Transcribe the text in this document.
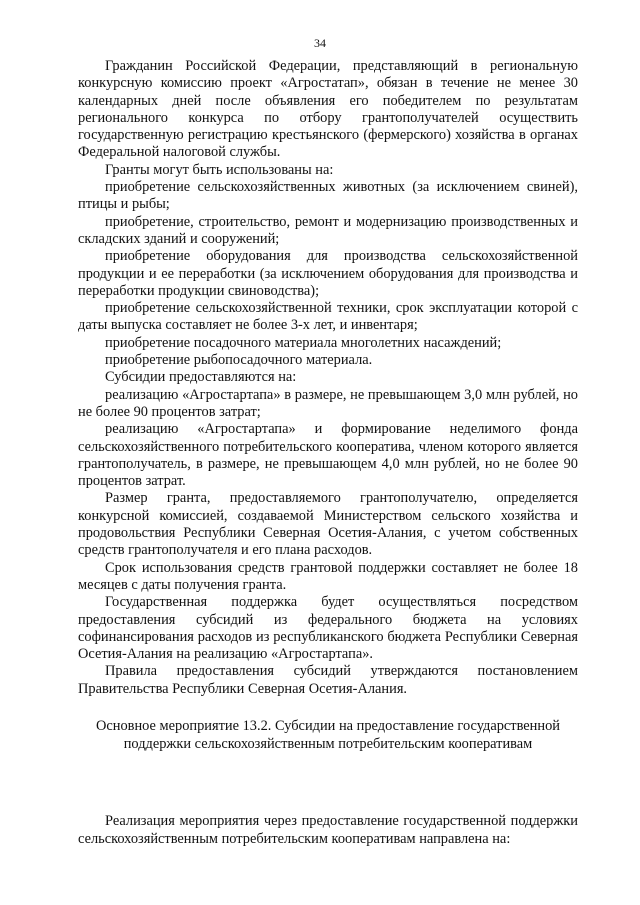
34

Гражданин Российской Федерации, представляющий в региональную конкурсную комиссию проект «Агростатап», обязан в течение не менее 30 календарных дней после объявления его победителем по результатам регионального конкурса по отбору грантополучателей осуществить государственную регистрацию крестьянского (фермерского) хозяйства в органах Федеральной налоговой службы.

Гранты могут быть использованы на:

приобретение сельскохозяйственных животных (за исключением свиней), птицы и рыбы;

приобретение, строительство, ремонт и модернизацию производственных и складских зданий и сооружений;

приобретение оборудования для производства сельскохозяйственной продукции и ее переработки (за исключением оборудования для производства и переработки продукции свиноводства);

приобретение сельскохозяйственной техники, срок эксплуатации которой с даты выпуска составляет не более 3-х лет, и инвентаря;

приобретение посадочного материала многолетних насаждений;

приобретение рыбопосадочного материала.

Субсидии предоставляются на:

реализацию «Агростартапа» в размере, не превышающем 3,0 млн рублей, но не более 90 процентов затрат;

реализацию «Агростартапа» и формирование неделимого фонда сельскохозяйственного потребительского кооператива, членом которого является грантополучатель, в размере, не превышающем 4,0 млн рублей, но не более 90 процентов затрат.

Размер гранта, предоставляемого грантополучателю, определяется конкурсной комиссией, создаваемой Министерством сельского хозяйства и продовольствия Республики Северная Осетия-Алания, с учетом собственных средств грантополучателя и его плана расходов.

Срок использования средств грантовой поддержки составляет не более 18 месяцев с даты получения гранта.

Государственная поддержка будет осуществляться посредством предоставления субсидий из федерального бюджета на условиях софинансирования расходов из республиканского бюджета Республики Северная Осетия-Алания на реализацию «Агростартапа».

Правила предоставления субсидий утверждаются постановлением Правительства Республики Северная Осетия-Алания.

Основное мероприятие 13.2. Субсидии на предоставление государственной поддержки сельскохозяйственным потребительским кооперативам

Реализация мероприятия через предоставление государственной поддержки сельскохозяйственным потребительским кооперативам направлена на:
